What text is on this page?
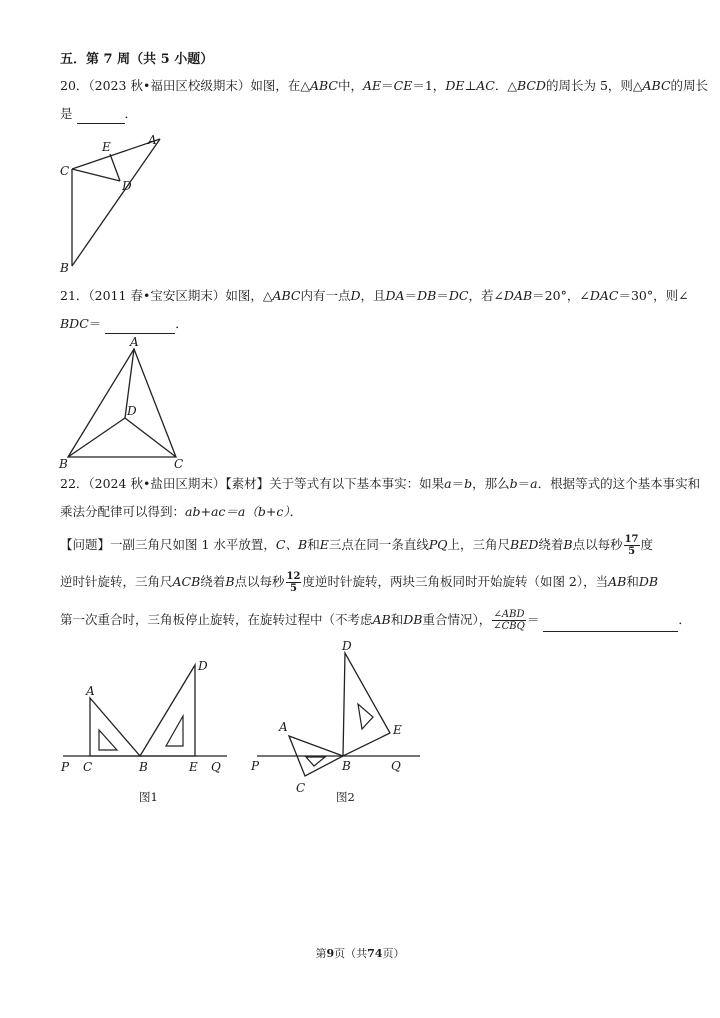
五．第 7 周（共 5 小题）
20．（2023 秋•福田区校级期末）如图，在△ABC中，AE＝CE＝1，DE⊥AC．△BCD的周长为 5，则△ABC的周长
是	．
A
C
E
D
B
21．（2011 春•宝安区期末）如图，△ABC内有一点D，且DA＝DB＝DC，若∠DAB＝20°，∠DAC＝30°，则∠
BDC＝	．
A
B	C
D
22．（2024 秋•盐田区期末）【素材】关于等式有以下基本事实：如果a＝b，那么b＝a．根据等式的这个基本事实和
乘法分配律可以得到：ab+ac＝a（b+c）．
【问题】一副三角尺如图 1 水平放置，C、B和E三点在同一条直线PQ上，三角尺BED绕着B点以每秒 $\frac{17}{5}$ 度
逆时针旋转，三角尺ACB绕着B点以每秒 $\frac{12}{5}$ 度逆时针旋转，两块三角板同时开始旋转（如图 2），当AB和DB
第一次重合时，三角板停止旋转，在旋转过程中（不考虑AB和DB重合情况）， $\frac{\text{∠ABD}}{\text{∠CBQ}}$ ＝	．
A
D
P C	B	E Q
图1
D
A	E
P	B	Q
C
图2
第9页（共74页）
